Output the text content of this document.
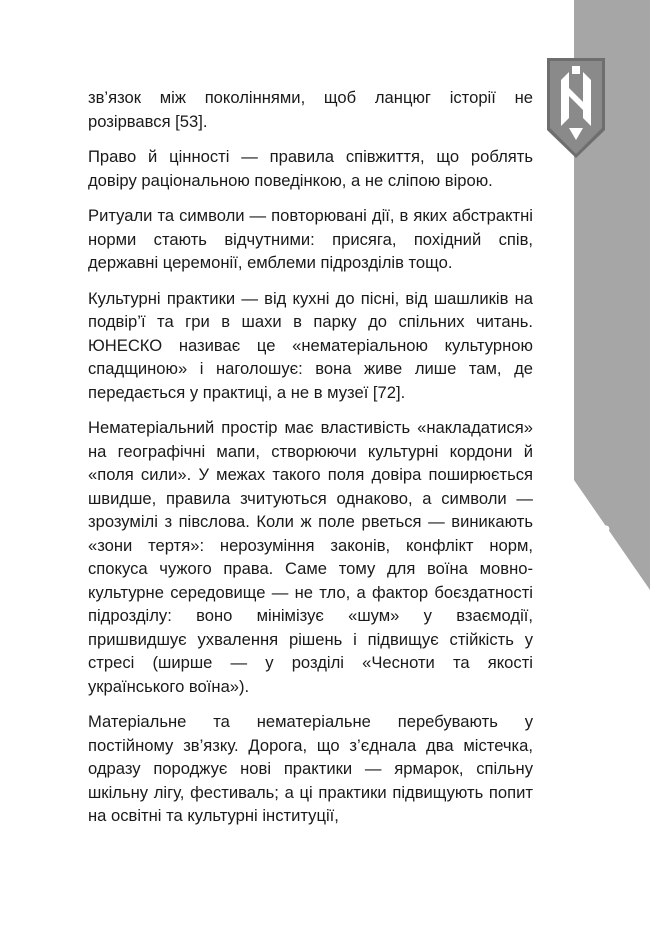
13

зв’язок між поколіннями, щоб ланцюг історії не розірвався [53].

Право й цінності — правила співжиття, що роблять довіру раціональною поведінкою, а не сліпою вірою.

Ритуали та символи — повторювані дії, в яких абстрактні норми стають відчутними: присяга, похідний спів, державні церемонії, емблеми підрозділів тощо.

Культурні практики — від кухні до пісні, від шашликів на подвір’ї та гри в шахи в парку до спільних читань. ЮНЕСКО називає це «нематеріальною культурною спадщиною» і наголошує: вона живе лише там, де передається у практиці, а не в музеї [72].

Нематеріальний простір має властивість «накладатися» на географічні мапи, створюючи культурні кордони й «поля сили». У межах такого поля довіра поширюється швидше, правила зчитуються однаково, а символи — зрозумілі з півслова. Коли ж поле рветься — виникають «зони тертя»: нерозуміння законів, конфлікт норм, спокуса чужого права. Саме тому для воїна мовно-культурне середовище — не тло, а фактор боєздатності підрозділу: воно мінімізує «шум» у взаємодії, пришвидшує ухвалення рішень і підвищує стійкість у стресі (ширше — у розділі «Чесноти та якості українського воїна»).

Матеріальне та нематеріальне перебувають у постійному зв’язку. Дорога, що з’єднала два містечка, одразу породжує нові практики — ярмарок, спільну шкільну лігу, фестиваль; а ці практики підвищують попит на освітні та культурні інституції,
